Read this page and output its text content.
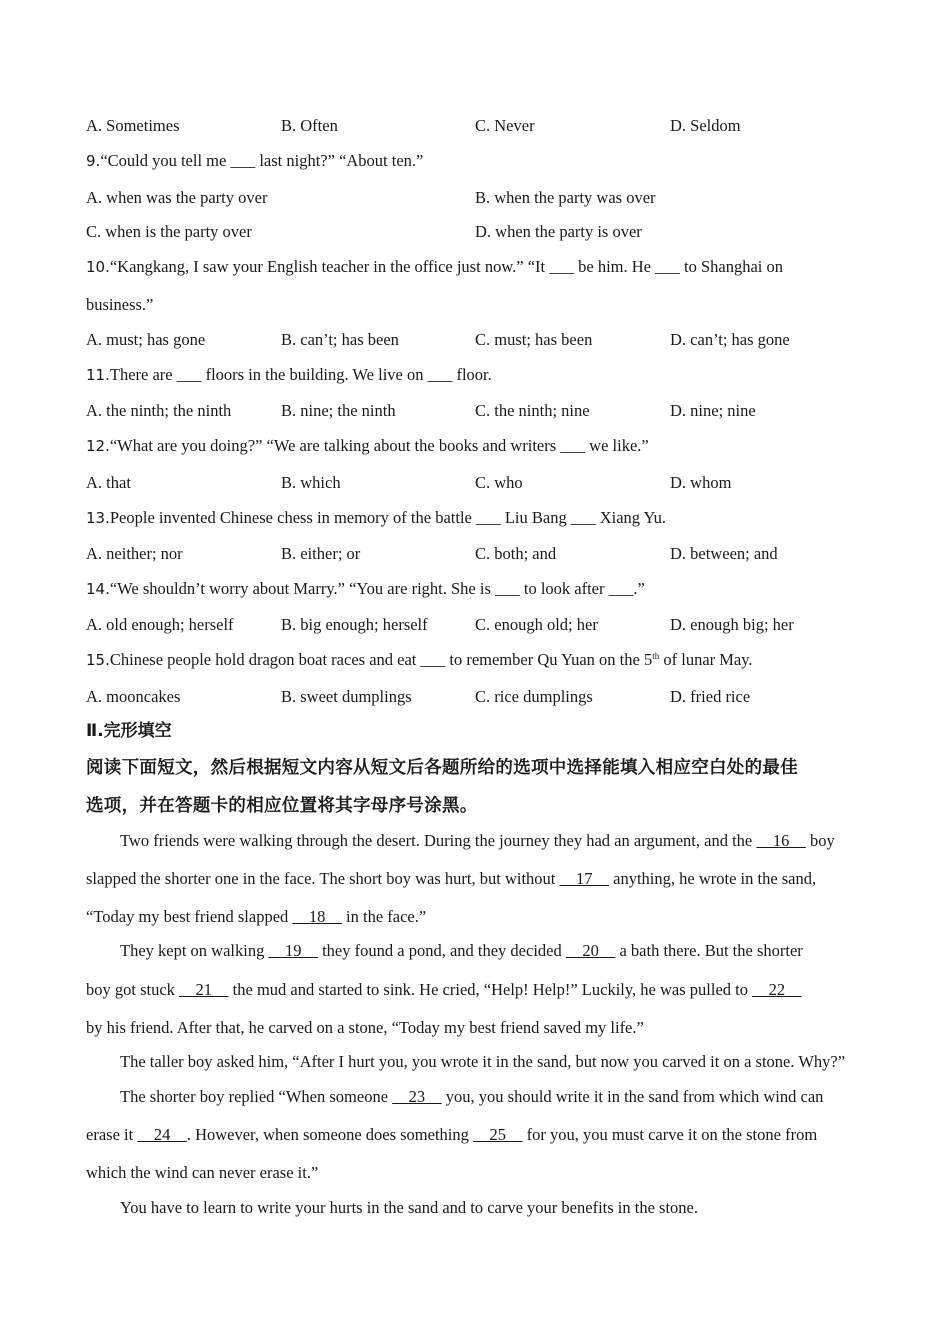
A. Sometimes	B. Often	C. Never	D. Seldom
9.“Could you tell me ___ last night?” “About ten.”
A. when was the party over	B. when the party was over
C. when is the party over	D. when the party is over
10.“Kangkang, I saw your English teacher in the office just now.” “It ___ be him. He ___ to Shanghai on
business.”
A. must; has gone	B. can’t; has been	C. must; has been	D. can’t; has gone
11.There are ___ floors in the building. We live on ___ floor.
A. the ninth; the ninth	B. nine; the ninth	C. the ninth; nine	D. nine; nine
12.“What are you doing?” “We are talking about the books and writers ___ we like.”
A. that	B. which	C. who	D. whom
13.People invented Chinese chess in memory of the battle ___ Liu Bang ___ Xiang Yu.
A. neither; nor	B. either; or	C. both; and	D. between; and
14.“We shouldn’t worry about Marry.” “You are right. She is ___ to look after ___.”
A. old enough; herself	B. big enough; herself	C. enough old; her	D. enough big; her
15.Chinese people hold dragon boat races and eat ___ to remember Qu Yuan on the 5th of lunar May.
A. mooncakes	B. sweet dumplings	C. rice dumplings	D. fried rice
Ⅱ.完形填空
阅读下面短文，然后根据短文内容从短文后各题所给的选项中选择能填入相应空白处的最佳
选项，并在答题卡的相应位置将其字母序号涂黑。
Two friends were walking through the desert. During the journey they had an argument, and the     16     boy
slapped the shorter one in the face. The short boy was hurt, but without     17     anything, he wrote in the sand,
“Today my best friend slapped     18     in the face.”
They kept on walking     19     they found a pond, and they decided     20     a bath there. But the shorter
boy got stuck     21     the mud and started to sink. He cried, “Help! Help!” Luckily, he was pulled to     22
by his friend. After that, he carved on a stone, “Today my best friend saved my life.”
The taller boy asked him, “After I hurt you, you wrote it in the sand, but now you carved it on a stone. Why?”
The shorter boy replied “When someone     23     you, you should write it in the sand from which wind can
erase it     24    . However, when someone does something     25     for you, you must carve it on the stone from
which the wind can never erase it.”
You have to learn to write your hurts in the sand and to carve your benefits in the stone.
